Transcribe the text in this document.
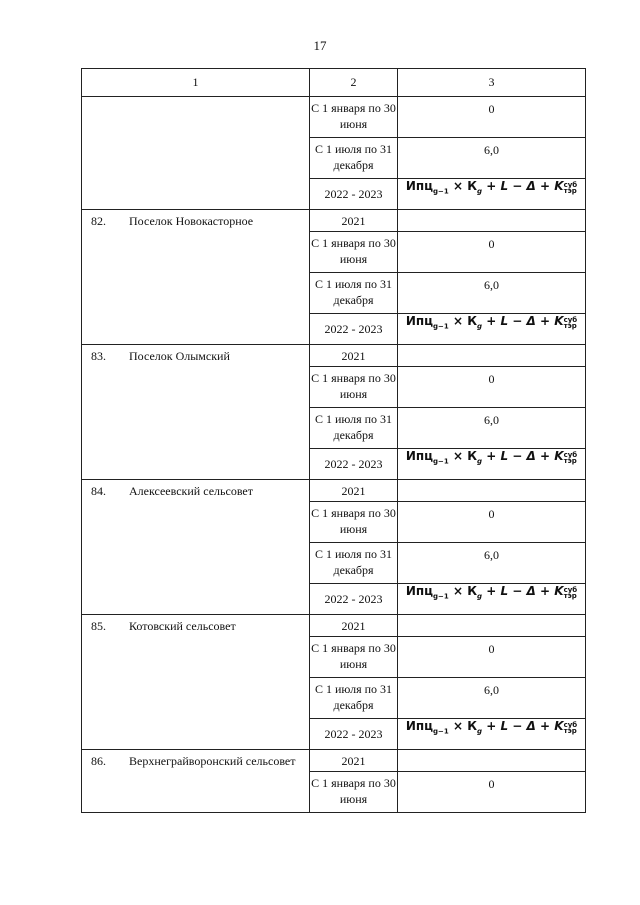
17
1	2	3
	С 1 января по 30 июня	0
	С 1 июля по 31 декабря	6,0
	2022 - 2023	$Ипц_{g-1} \times К_g + L - \Delta$ + Kсуб
тэр
82. Поселок Новокасторное	2021	
	С 1 января по 30 июня	0
	С 1 июля по 31 декабря	6,0
	2022 - 2023	$Ипц_{g-1} \times К_g + L - \Delta$ + Kсуб
тэр
83. Поселок Олымский	2021	
	С 1 января по 30 июня	0
	С 1 июля по 31 декабря	6,0
	2022 - 2023	$Ипц_{g-1} \times К_g + L - \Delta$ + Kсуб
тэр
84. Алексеевский сельсовет	2021	
	С 1 января по 30 июня	0
	С 1 июля по 31 декабря	6,0
	2022 - 2023	$Ипц_{g-1} \times К_g + L - \Delta$ + Kсуб
тэр
85. Котовский сельсовет	2021	
	С 1 января по 30 июня	0
	С 1 июля по 31 декабря	6,0
	2022 - 2023	$Ипц_{g-1} \times К_g + L - \Delta$ + Kсуб
тэр
86. Верхнеграйворонский сельсовет	2021	
	С 1 января по 30 июня	0
